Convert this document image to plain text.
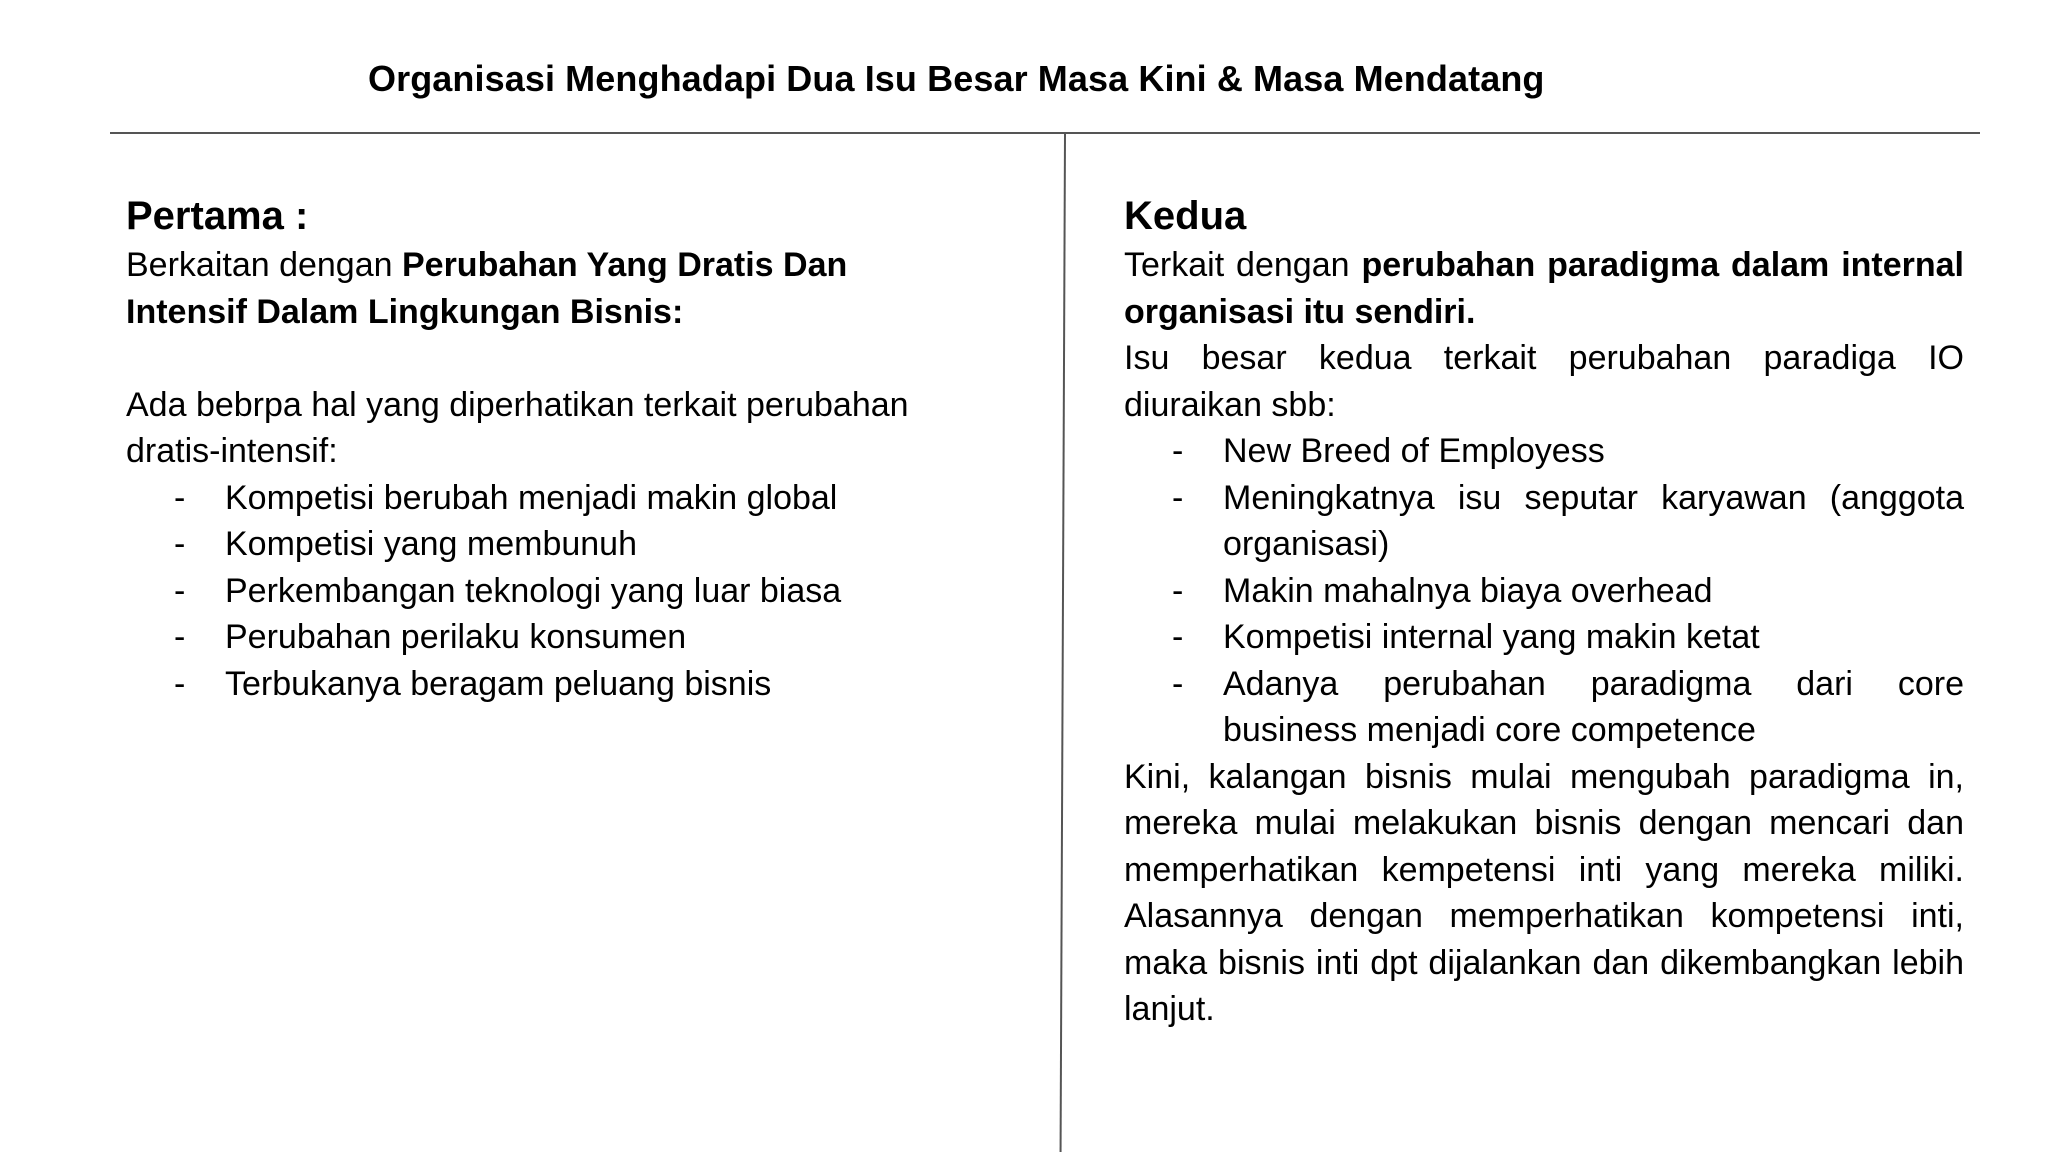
Organisasi Menghadapi Dua Isu Besar Masa Kini & Masa Mendatang
Pertama :

Berkaitan dengan Perubahan Yang Dratis Dan Intensif Dalam Lingkungan Bisnis:

Ada bebrpa hal yang diperhatikan terkait perubahan dratis-intensif:

- Kompetisi berubah menjadi makin global
- Kompetisi yang membunuh
- Perkembangan teknologi yang luar biasa
- Perubahan perilaku konsumen
- Terbukanya beragam peluang bisnis
Kedua

Terkait dengan perubahan paradigma dalam internal organisasi itu sendiri.

Isu besar kedua terkait perubahan paradiga IO diuraikan sbb:

- New Breed of Employess
- Meningkatnya isu seputar karyawan (anggota organisasi)
- Makin mahalnya biaya overhead
- Kompetisi internal yang makin ketat
- Adanya perubahan paradigma dari core business menjadi core competence

Kini, kalangan bisnis mulai mengubah paradigma in, mereka mulai melakukan bisnis dengan mencari dan memperhatikan kempetensi inti yang mereka miliki. Alasannya dengan memperhatikan kompetensi inti, maka bisnis inti dpt dijalankan dan dikembangkan lebih lanjut.
